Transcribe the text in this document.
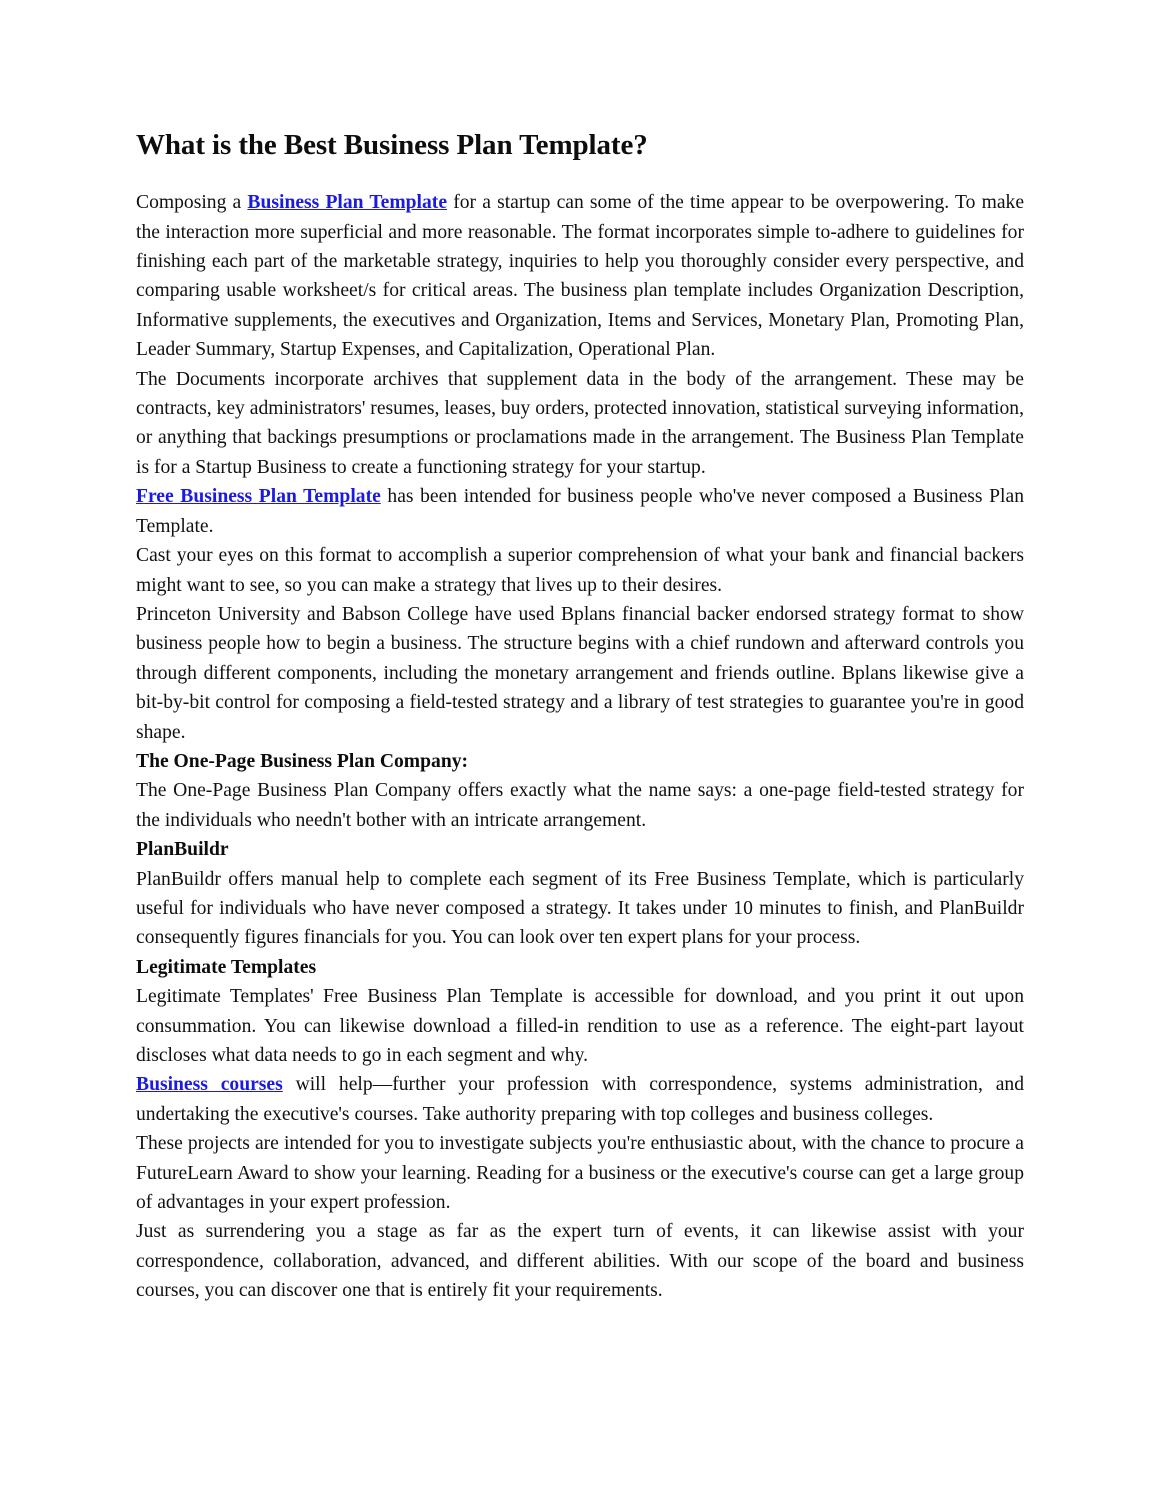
What is the Best Business Plan Template?

Composing a Business Plan Template for a startup can some of the time appear to be overpowering. To make the interaction more superficial and more reasonable. The format incorporates simple to-adhere to guidelines for finishing each part of the marketable strategy, inquiries to help you thoroughly consider every perspective, and comparing usable worksheet/s for critical areas. The business plan template includes Organization Description, Informative supplements, the executives and Organization, Items and Services, Monetary Plan, Promoting Plan, Leader Summary, Startup Expenses, and Capitalization, Operational Plan.

The Documents incorporate archives that supplement data in the body of the arrangement. These may be contracts, key administrators' resumes, leases, buy orders, protected innovation, statistical surveying information, or anything that backings presumptions or proclamations made in the arrangement. The Business Plan Template is for a Startup Business to create a functioning strategy for your startup.

Free Business Plan Template has been intended for business people who've never composed a Business Plan Template.

Cast your eyes on this format to accomplish a superior comprehension of what your bank and financial backers might want to see, so you can make a strategy that lives up to their desires.

Princeton University and Babson College have used Bplans financial backer endorsed strategy format to show business people how to begin a business. The structure begins with a chief rundown and afterward controls you through different components, including the monetary arrangement and friends outline. Bplans likewise give a bit-by-bit control for composing a field-tested strategy and a library of test strategies to guarantee you're in good shape.

The One-Page Business Plan Company:

The One-Page Business Plan Company offers exactly what the name says: a one-page field-tested strategy for the individuals who needn't bother with an intricate arrangement.

PlanBuildr

PlanBuildr offers manual help to complete each segment of its Free Business Template, which is particularly useful for individuals who have never composed a strategy. It takes under 10 minutes to finish, and PlanBuildr consequently figures financials for you. You can look over ten expert plans for your process.

Legitimate Templates

Legitimate Templates' Free Business Plan Template is accessible for download, and you print it out upon consummation. You can likewise download a filled-in rendition to use as a reference. The eight-part layout discloses what data needs to go in each segment and why.

Business courses will help—further your profession with correspondence, systems administration, and undertaking the executive's courses. Take authority preparing with top colleges and business colleges.

These projects are intended for you to investigate subjects you're enthusiastic about, with the chance to procure a FutureLearn Award to show your learning. Reading for a business or the executive's course can get a large group of advantages in your expert profession.

Just as surrendering you a stage as far as the expert turn of events, it can likewise assist with your correspondence, collaboration, advanced, and different abilities. With our scope of the board and business courses, you can discover one that is entirely fit your requirements.
